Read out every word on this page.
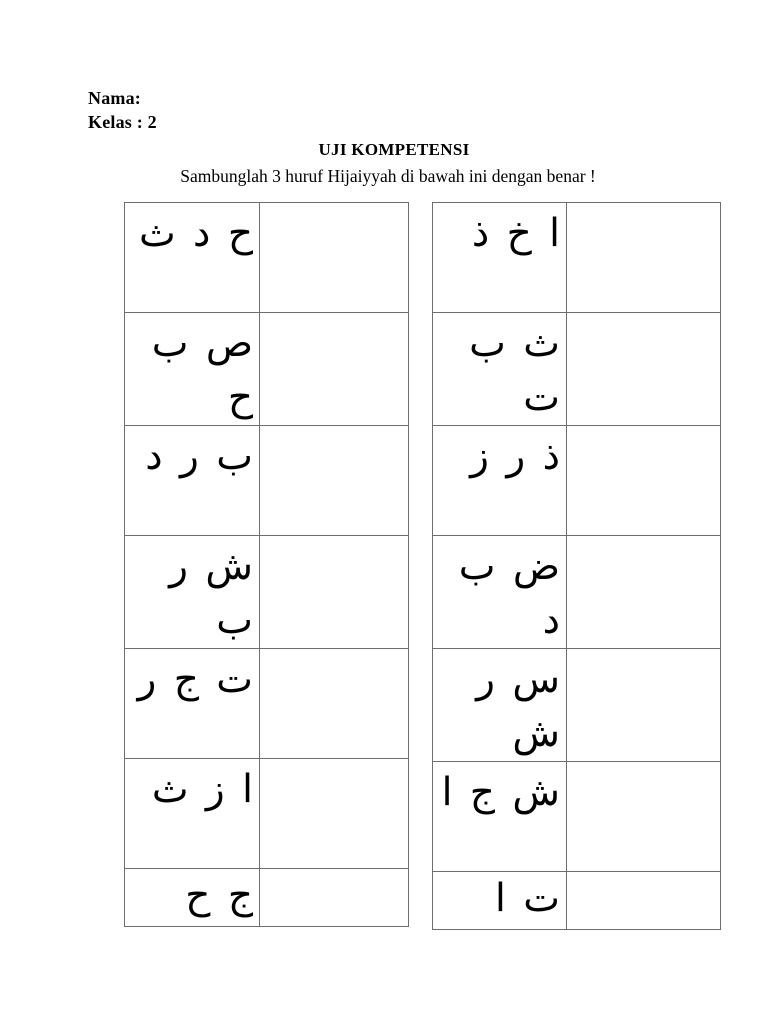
Nama:
Kelas : 2
UJI KOMPETENSI
Sambunglah 3 huruf Hijaiyyah di bawah ini dengan benar !
ح د ث	

ص ب ح	

ب ر د	

ش ر ب	

ت ج ر	

ا ز ث	

ج ح	

ا خ ذ	

ث ب ت	

ذ ر ز	

ض ب د	

س ر ش	

ش ج ا	

ت ا	
